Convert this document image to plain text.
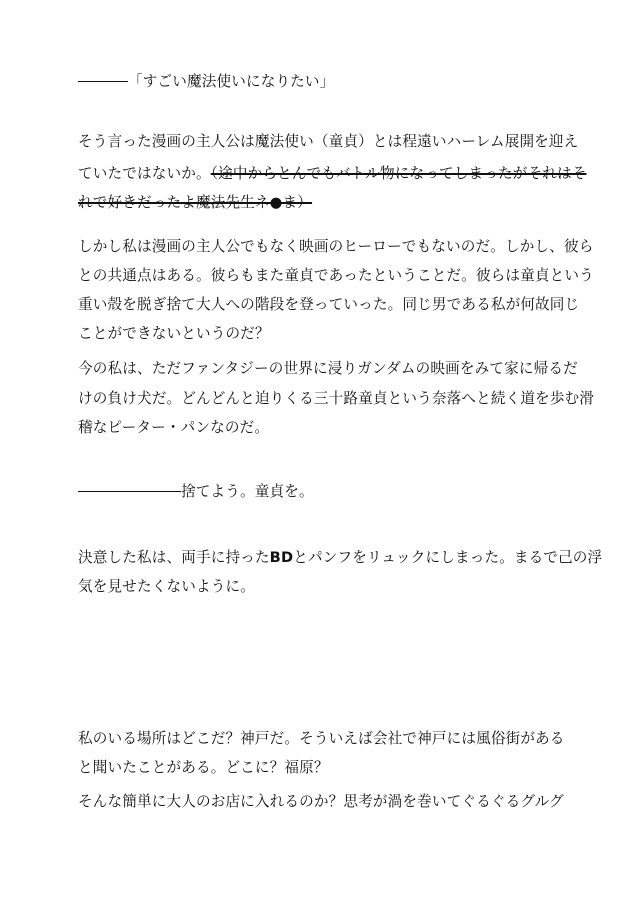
「すごい魔法使いになりたい」

そう言った漫画の主人公は魔法使い（童貞）とは程遠いハーレム展開を迎え

ていたではないか。（途中からとんでもバトル物になってしまったがそれはそ

れで好きだったよ魔法先生ネ●ま）

しかし私は漫画の主人公でもなく映画のヒーローでもないのだ。しかし、彼ら

との共通点はある。彼らもまた童貞であったということだ。彼らは童貞という

重い殻を脱ぎ捨て大人への階段を登っていった。同じ男である私が何故同じ

ことができないというのだ？

今の私は、ただファンタジーの世界に浸りガンダムの映画をみて家に帰るだ

けの負け犬だ。どんどんと迫りくる三十路童貞という奈落へと続く道を歩む滑

稽なピーター・パンなのだ。

捨てよう。童貞を。

決意した私は、両手に持ったBDとパンフをリュックにしまった。まるで己の浮

気を見せたくないように。

私のいる場所はどこだ？神戸だ。そういえば会社で神戸には風俗街がある

と聞いたことがある。どこに？福原？

そんな簡単に大人のお店に入れるのか？思考が渦を巻いてぐるぐるグルグ
